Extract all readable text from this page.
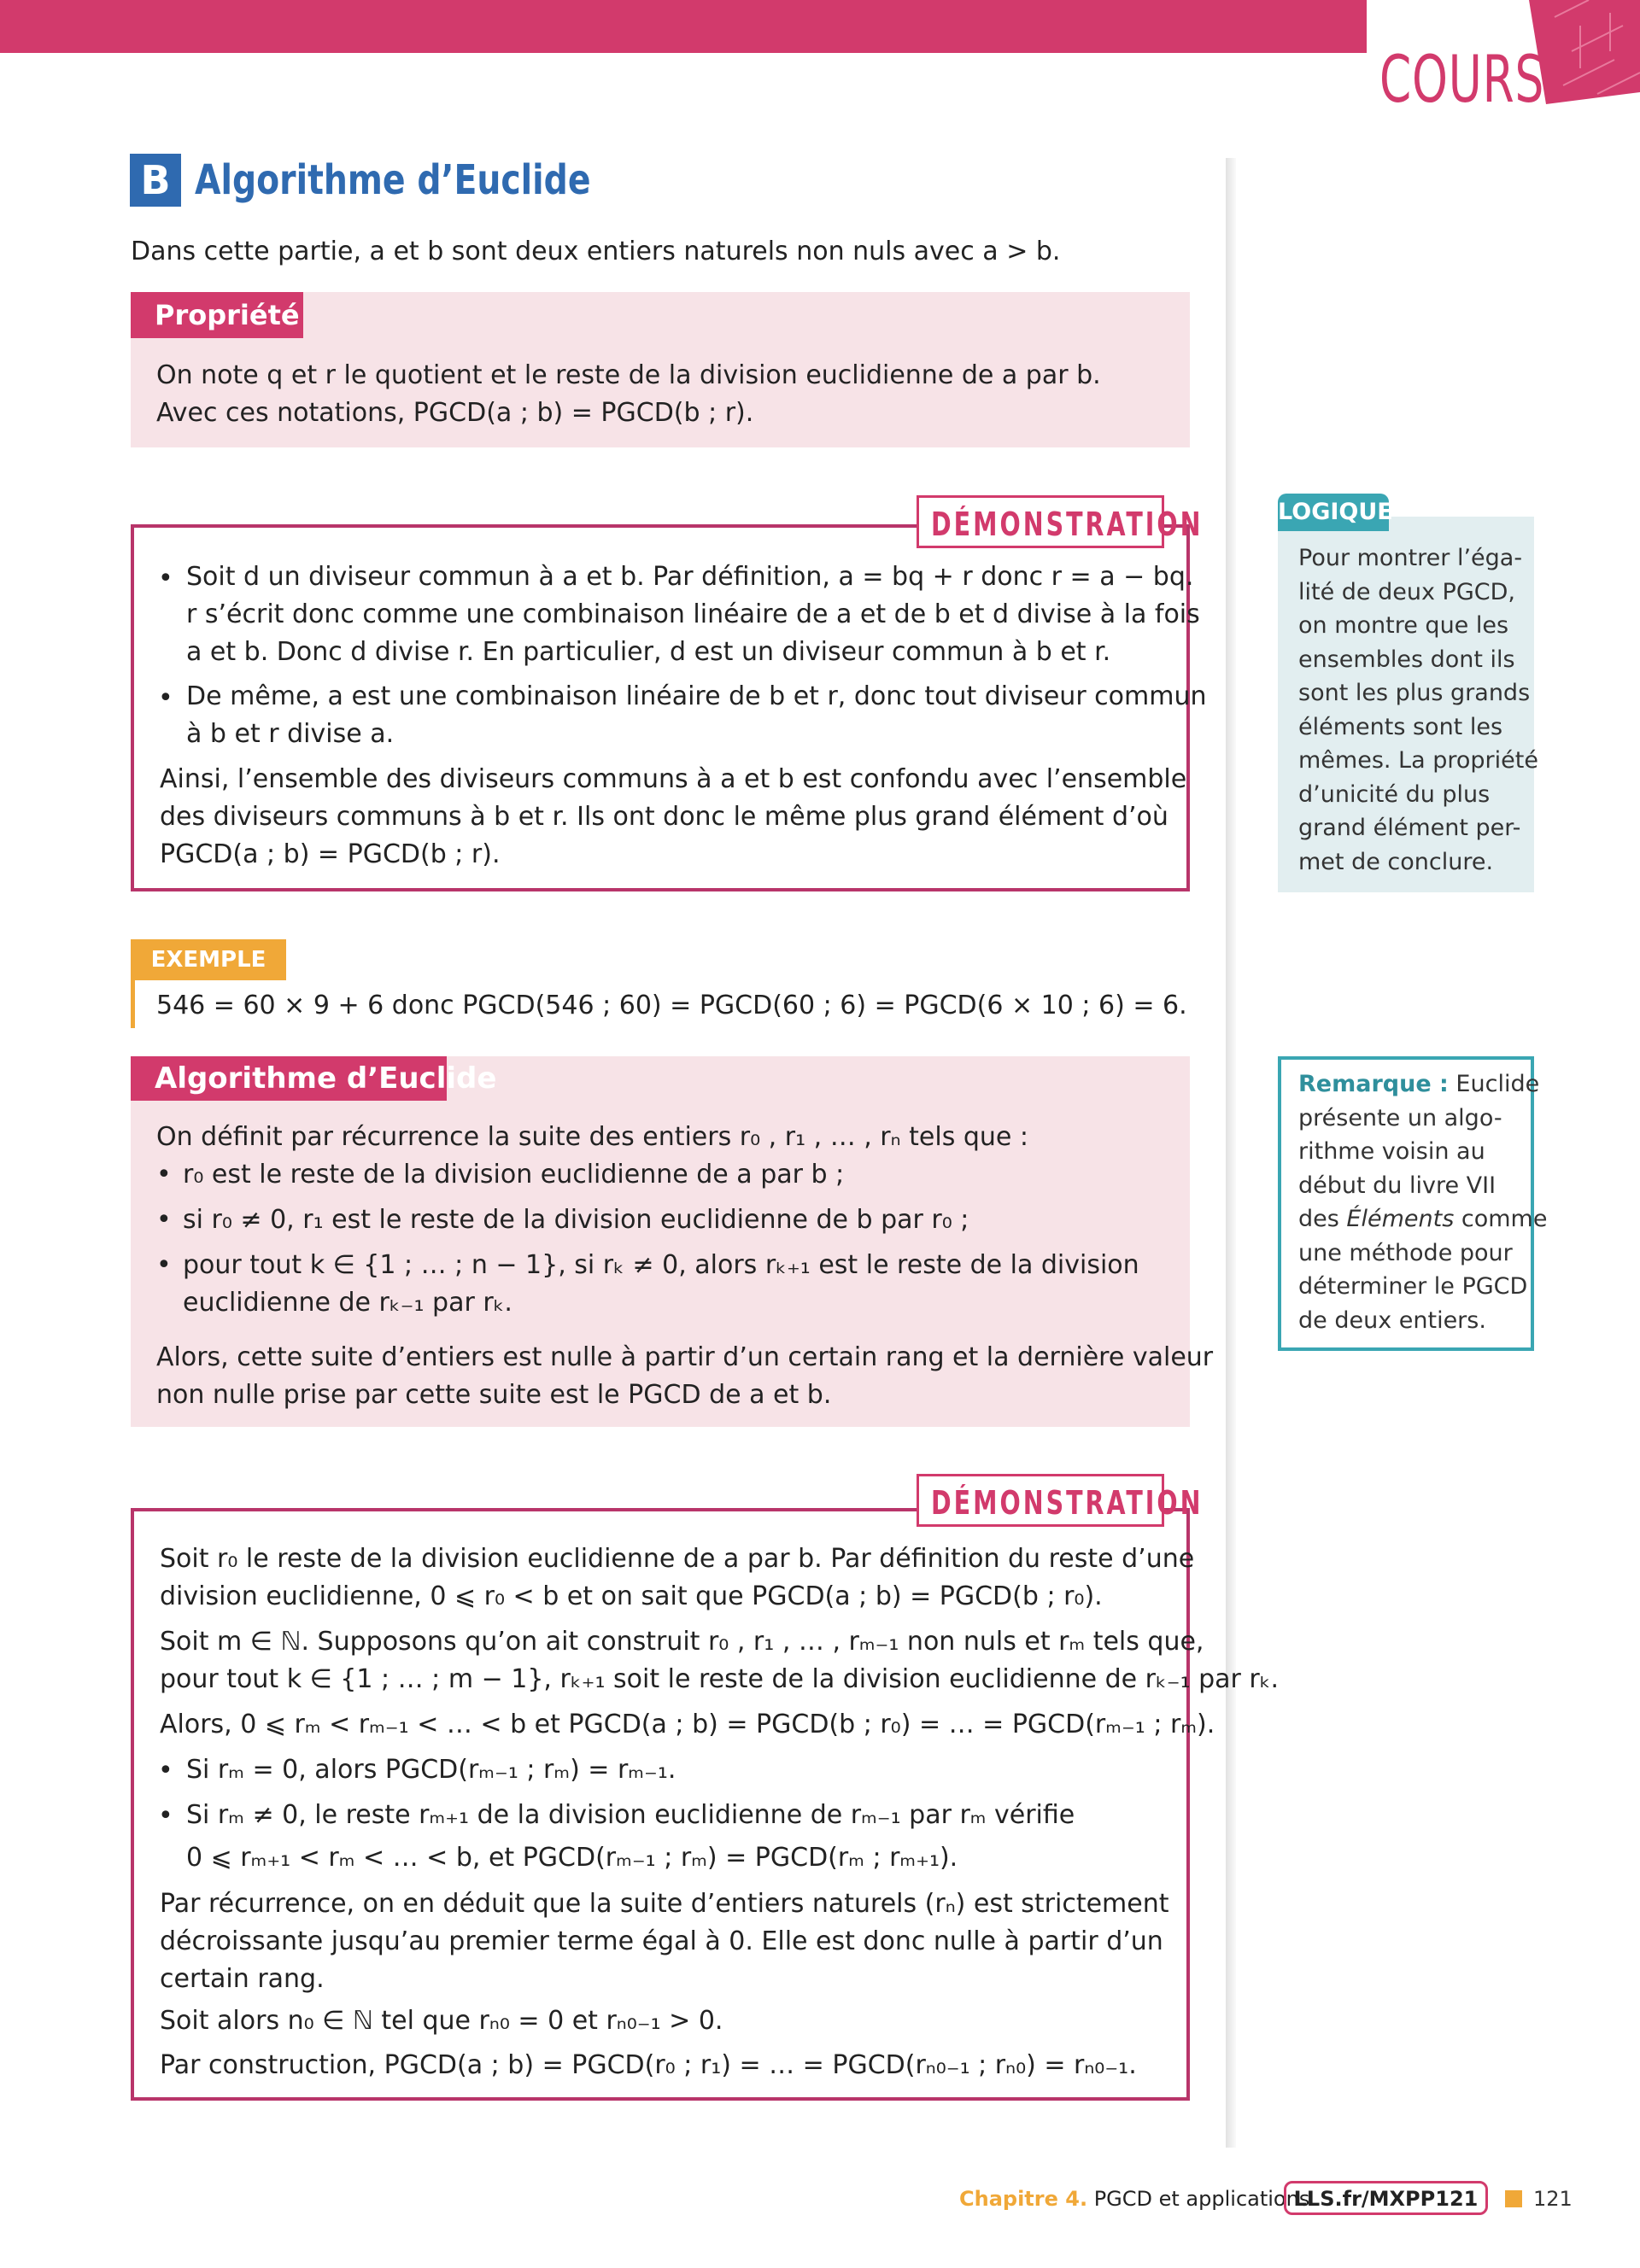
COURS
B Algorithme d’Euclide
Dans cette partie, a et b sont deux entiers naturels non nuls avec a > b.
Propriété
On note q et r le quotient et le reste de la division euclidienne de a par b.
Avec ces notations, PGCD(a ; b) = PGCD(b ; r).
DÉMONSTRATION
• Soit d un diviseur commun à a et b. Par définition, a = bq + r donc r = a − bq.
r s’écrit donc comme une combinaison linéaire de a et de b et d divise à la fois
a et b. Donc d divise r. En particulier, d est un diviseur commun à b et r.
• De même, a est une combinaison linéaire de b et r, donc tout diviseur commun
à b et r divise a.
Ainsi, l’ensemble des diviseurs communs à a et b est confondu avec l’ensemble
des diviseurs communs à b et r. Ils ont donc le même plus grand élément d’où
PGCD(a ; b) = PGCD(b ; r).
LOGIQUE
Pour montrer l’éga-
lité de deux PGCD,
on montre que les
ensembles dont ils
sont les plus grands
éléments sont les
mêmes. La propriété
d’unicité du plus
grand élément per-
met de conclure.
EXEMPLE
546 = 60 × 9 + 6 donc PGCD(546 ; 60) = PGCD(60 ; 6) = PGCD(6 × 10 ; 6) = 6.
Algorithme d’Euclide
On définit par récurrence la suite des entiers r₀ , r₁ , … , rₙ tels que :
• r₀ est le reste de la division euclidienne de a par b ;
• si r₀ ≠ 0, r₁ est le reste de la division euclidienne de b par r₀ ;
• pour tout k ∈ {1 ; … ; n − 1}, si rₖ ≠ 0, alors rₖ₊₁ est le reste de la division
euclidienne de rₖ₋₁ par rₖ.
Alors, cette suite d’entiers est nulle à partir d’un certain rang et la dernière valeur
non nulle prise par cette suite est le PGCD de a et b.
Remarque : Euclide
présente un algo-
rithme voisin au
début du livre VII
des Éléments comme
une méthode pour
déterminer le PGCD
de deux entiers.
DÉMONSTRATION
Soit r₀ le reste de la division euclidienne de a par b. Par définition du reste d’une
division euclidienne, 0 ⩽ r₀ < b et on sait que PGCD(a ; b) = PGCD(b ; r₀).
Soit m ∈ ℕ. Supposons qu’on ait construit r₀ , r₁ , … , rₘ₋₁ non nuls et rₘ tels que,
pour tout k ∈ {1 ; … ; m − 1}, rₖ₊₁ soit le reste de la division euclidienne de rₖ₋₁ par rₖ.
Alors, 0 ⩽ rₘ < rₘ₋₁ < … < b et PGCD(a ; b) = PGCD(b ; r₀) = … = PGCD(rₘ₋₁ ; rₘ).
• Si rₘ = 0, alors PGCD(rₘ₋₁ ; rₘ) = rₘ₋₁.
• Si rₘ ≠ 0, le reste rₘ₊₁ de la division euclidienne de rₘ₋₁ par rₘ vérifie
0 ⩽ rₘ₊₁ < rₘ < … < b, et PGCD(rₘ₋₁ ; rₘ) = PGCD(rₘ ; rₘ₊₁).
Par récurrence, on en déduit que la suite d’entiers naturels (rₙ) est strictement
décroissante jusqu’au premier terme égal à 0. Elle est donc nulle à partir d’un
certain rang.
Soit alors n₀ ∈ ℕ tel que rₙ₀ = 0 et rₙ₀₋₁ > 0.
Par construction, PGCD(a ; b) = PGCD(r₀ ; r₁) = … = PGCD(rₙ₀₋₁ ; rₙ₀) = rₙ₀₋₁.
Chapitre 4. PGCD et applications
LLS.fr/MXPP121	121
